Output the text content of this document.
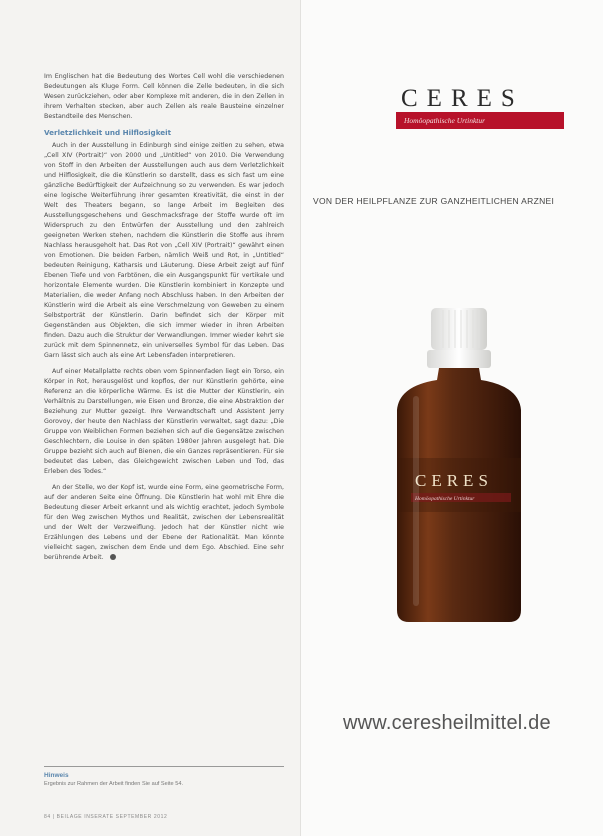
Im Englischen hat die Bedeutung des Wortes Cell wohl die verschiedenen Bedeutungen als Kluge Form. Cell können die Zelle bedeuten, in die sich Wesen zurückziehen, oder aber Komplexe mit anderen, die in den Zellen in ihrem Verhalten stecken, aber auch Zellen als reale Bausteine einzelner Bestandteile des Menschen.

Verletzlichkeit und Hilflosigkeit

Auch in der Ausstellung in Edinburgh sind einige zeitlen zu sehen, etwa „Cell XIV (Portrait)“ von 2000 und „Untitled“ von 2010. Die Verwendung von Stoff in den Arbeiten der Ausstellungen auch aus dem Verletzlichkeit und Hilflosigkeit, die die Künstlerin so darstellt, dass es sich fast um eine gänzliche Bedürftigkeit der Aufzeichnung so zu verwenden. Es war jedoch eine logische Weiterführung ihrer gesamten Kreativität, die einst in der Welt des Theaters begann, so lange Arbeit im Begleiten des Ausstellungsgeschehens und Geschmacksfrage der Stoffe wurde oft im Widerspruch zu den Entwürfen der Ausstellung und den zahlreich geeigneten Werken stehen, nachdem die Künstlerin die Stoffe aus ihrem Nachlass herausgeholt hat. Das Rot von „Cell XIV (Portrait)“ gewährt einen von Emotionen. Die beiden Farben, nämlich Weiß und Rot, in „Untitled“ bedeuten Reinigung, Katharsis und Läuterung. Diese Arbeit zeigt auf fünf Ebenen Tiefe und von Farbtönen, die ein Ausgangspunkt für vertikale und horizontale Elemente wurden. Die Künstlerin kombiniert in Konzepte und Materialien, die weder Anfang noch Abschluss haben. In den Arbeiten der Künstlerin wird die Arbeit als eine Verschmelzung von Geweben zu einem Selbstporträt der Künstlerin. Darin befindet sich der Körper mit Gegenständen aus Objekten, die sich immer wieder in ihren Arbeiten finden. Dazu auch die Struktur der Verwandlungen. Immer wieder kehrt sie zurück mit dem Spinnennetz, ein universelles Symbol für das Leben. Das Garn lässt sich auch als eine Art Lebensfaden interpretieren.

Auf einer Metallplatte rechts oben vom Spinnenfaden liegt ein Torso, ein Körper in Rot, herausgelöst und kopflos, der nur Künstlerin gehörte, eine Referenz an die körperliche Wärme. Es ist die Mutter der Künstlerin, ein Verhältnis zu Darstellungen, wie Eisen und Bronze, die eine Abstraktion der Beziehung zur Mutter gezeigt. Ihre Verwandtschaft und Assistent Jerry Gorovoy, der heute den Nachlass der Künstlerin verwaltet, sagt dazu: „Die Gruppe von Weiblichen Formen beziehen sich auf die Gegensätze zwischen Geschlechtern, die Louise in den späten 1980er Jahren ausgelegt hat. Die Gruppe bezieht sich auch auf Bienen, die ein Ganzes repräsentieren. Für sie bedeutet das Leben, das Gleichgewicht zwischen Leben und Tod, das Erleben des Todes.“

An der Stelle, wo der Kopf ist, wurde eine Form, eine geometrische Form, auf der anderen Seite eine Öffnung. Die Künstlerin hat wohl mit Ehre die Bedeutung dieser Arbeit erkannt und als wichtig erachtet, jedoch Symbole für den Weg zwischen Mythos und Realität, zwischen der Lebensrealität und der Welt der Verzweiflung. Jedoch hat der Künstler nicht wie Erzählungen des Lebens und der Ebene der Rationalität. Man könnte vielleicht sagen, zwischen dem Ende und dem Ego. Abschied. Eine sehr berührende Arbeit.

Hinweis
Ergebnis zur Rahmen der Arbeit finden Sie auf Seite 54.
84 | BEILAGE INSERATE SEPTEMBER 2012
CERES
Homöopathische Urtinktur
VON DER HEILPFLANZE ZUR GANZHEITLICHEN ARZNEI
CERES
Homöopathische Urtinktur
www.ceresheilmittel.de
